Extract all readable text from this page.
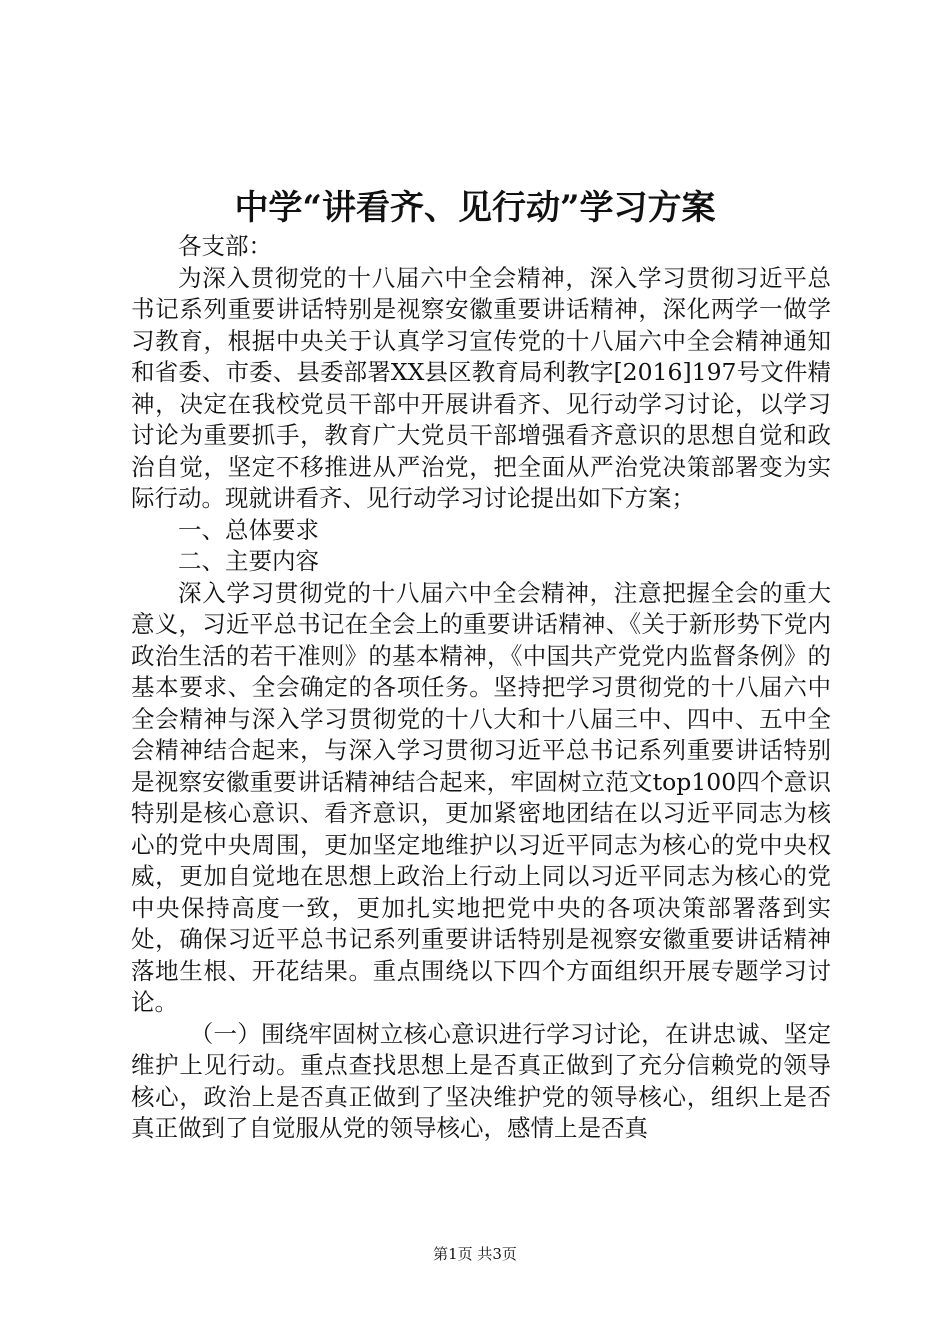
中学“讲看齐、见行动”学习方案

各支部：

为深入贯彻党的十八届六中全会精神，深入学习贯彻习近平总书记系列重要讲话特别是视察安徽重要讲话精神，深化两学一做学习教育，根据中央关于认真学习宣传党的十八届六中全会精神通知和省委、市委、县委部署XX县区教育局利教字[2016]197号文件精神，决定在我校党员干部中开展讲看齐、见行动学习讨论，以学习讨论为重要抓手，教育广大党员干部增强看齐意识的思想自觉和政治自觉，坚定不移推进从严治党，把全面从严治党决策部署变为实际行动。现就讲看齐、见行动学习讨论提出如下方案；

一、总体要求

二、主要内容

深入学习贯彻党的十八届六中全会精神，注意把握全会的重大意义，习近平总书记在全会上的重要讲话精神、《关于新形势下党内政治生活的若干准则》的基本精神，《中国共产党党内监督条例》的基本要求、全会确定的各项任务。坚持把学习贯彻党的十八届六中全会精神与深入学习贯彻党的十八大和十八届三中、四中、五中全会精神结合起来，与深入学习贯彻习近平总书记系列重要讲话特别是视察安徽重要讲话精神结合起来，牢固树立范文top100四个意识特别是核心意识、看齐意识，更加紧密地团结在以习近平同志为核心的党中央周围，更加坚定地维护以习近平同志为核心的党中央权威，更加自觉地在思想上政治上行动上同以习近平同志为核心的党中央保持高度一致，更加扎实地把党中央的各项决策部署落到实处，确保习近平总书记系列重要讲话特别是视察安徽重要讲话精神落地生根、开花结果。重点围绕以下四个方面组织开展专题学习讨论。

（一）围绕牢固树立核心意识进行学习讨论，在讲忠诚、坚定维护上见行动。重点查找思想上是否真正做到了充分信赖党的领导核心，政治上是否真正做到了坚决维护党的领导核心，组织上是否真正做到了自觉服从党的领导核心，感情上是否真

第1页 共3页
